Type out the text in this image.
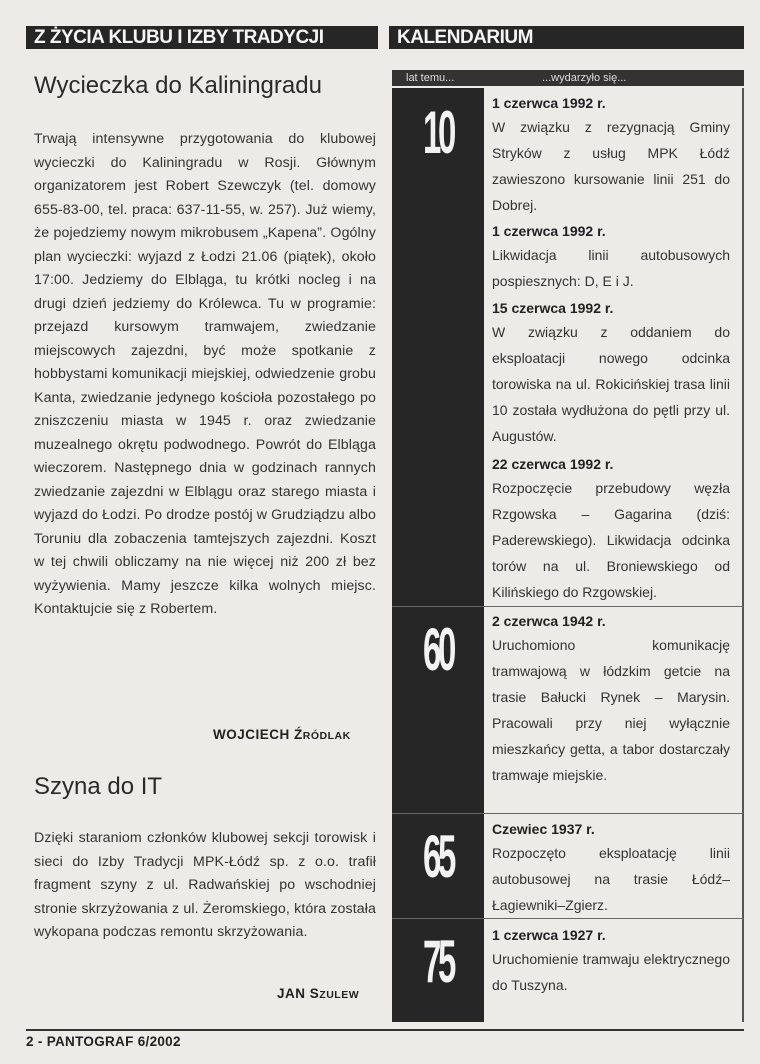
Z ŻYCIA KLUBU I IZBY TRADYCJI	KALENDARIUM
Wycieczka do Kaliningradu

Trwają intensywne przygotowania do klubowej wycieczki do Kaliningradu w Rosji. Głównym organizatorem jest Robert Szewczyk (tel. domowy 655-83-00, tel. praca: 637-11-55, w. 257). Już wiemy, że pojedziemy nowym mikrobusem „Kapena”. Ogólny plan wycieczki: wyjazd z Łodzi 21.06 (piątek), około 17:00. Jedziemy do Elbląga, tu krótki nocleg i na drugi dzień jedziemy do Królewca. Tu w programie: przejazd kursowym tramwajem, zwiedzanie miejscowych zajezdni, być może spotkanie z hobbystami komunikacji miejskiej, odwiedzenie grobu Kanta, zwiedzanie jedynego kościoła pozostałego po zniszczeniu miasta w 1945 r. oraz zwiedzanie muzealnego okrętu podwodnego. Powrót do Elbląga wieczorem. Następnego dnia w godzinach rannych zwiedzanie zajezdni w Elblągu oraz starego miasta i wyjazd do Łodzi. Po drodze postój w Grudziądzu albo Toruniu dla zobaczenia tamtejszych zajezdni. Koszt w tej chwili obliczamy na nie więcej niż 200 zł bez wyżywienia. Mamy jeszcze kilka wolnych miejsc. Kontaktujcie się z Robertem.

WOJCIECH ŹRÓDLAK
Szyna do IT

Dzięki staraniom członków klubowej sekcji torowisk i sieci do Izby Tradycji MPK-Łódź sp. z o.o. trafił fragment szyny z ul. Radwańskiej po wschodniej stronie skrzyżowania z ul. Żeromskiego, która została wykopana podczas remontu skrzyżowania.

JAN SZULEW
lat temu...	...wydarzyło się...
10	1 czerwca 1992 r.
W związku z rezygnacją Gminy Stryków z usług MPK Łódź zawieszono kursowanie linii 251 do Dobrej.
1 czerwca 1992 r.
Likwidacja linii autobusowych pospiesznych: D, E i J.
15 czerwca 1992 r.
W związku z oddaniem do eksploatacji nowego odcinka torowiska na ul. Rokicińskiej trasa linii 10 została wydłużona do pętli przy ul. Augustów.
22 czerwca 1992 r.
Rozpoczęcie przebudowy węzła Rzgowska – Gagarina (dziś: Paderewskiego). Likwidacja odcinka torów na ul. Broniewskiego od Kilińskiego do Rzgowskiej.
60	2 czerwca 1942 r.
Uruchomiono komunikację tramwajową w łódzkim getcie na trasie Bałucki Rynek – Marysin. Pracowali przy niej wyłącznie mieszkańcy getta, a tabor dostarczały tramwaje miejskie.
65	Czewiec 1937 r.
Rozpoczęto eksploatację linii autobusowej na trasie Łódź–Łagiewniki–Zgierz.
75	1 czerwca 1927 r.
Uruchomienie tramwaju elektrycznego do Tuszyna.
2 - PANTOGRAF 6/2002
